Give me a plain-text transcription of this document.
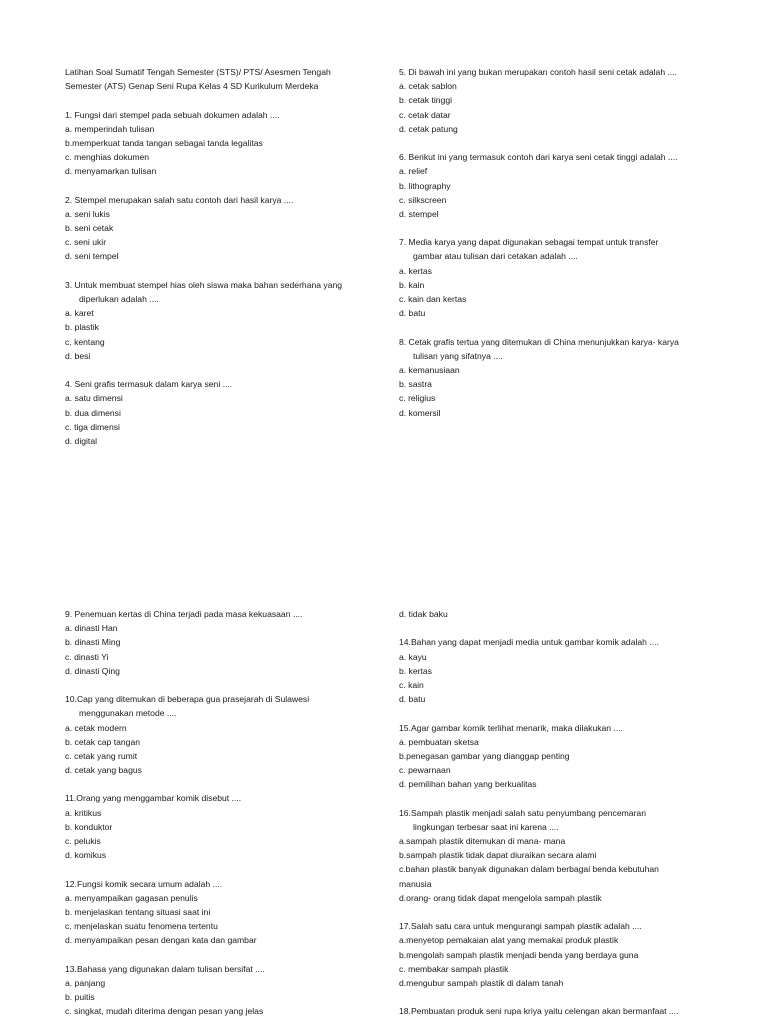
Latihan Soal Sumatif Tengah Semester (STS)/ PTS/ Asesmen Tengah
Semester (ATS) Genap Seni Rupa Kelas 4 SD Kurikulum Merdeka
1. Fungsi dari stempel pada sebuah dokumen adalah ....
a. memperindah tulisan
b.memperkuat tanda tangan sebagai tanda legalitas
c. menghias dokumen
d. menyamarkan tulisan
2. Stempel merupakan salah satu contoh dari hasil karya ....
a. seni lukis
b. seni cetak
c. seni ukir
d. seni tempel
3. Untuk membuat stempel hias oleh siswa maka bahan sederhana yang
diperlukan adalah ....
a. karet
b. plastik
c. kentang
d. besi
4. Seni grafis termasuk dalam karya seni ....
a. satu dimensi
b. dua dimensi
c. tiga dimensi
d. digital
5. Di bawah ini yang bukan merupakan contoh hasil seni cetak adalah ....
a. cetak sablon
b. cetak tinggi
c. cetak datar
d. cetak patung
6. Berikut ini yang termasuk contoh dari karya seni cetak tinggi adalah ....
a. relief
b. lithography
c. silkscreen
d. stempel
7. Media karya yang dapat digunakan sebagai tempat untuk transfer
gambar atau tulisan dari cetakan adalah ....
a. kertas
b. kain
c. kain dan kertas
d. batu
8. Cetak grafis tertua yang ditemukan di China menunjukkan karya- karya
tulisan yang sifatnya ....
a. kemanusiaan
b. sastra
c. religius
d. komersil
9. Penemuan kertas di China terjadi pada masa kekuasaan ....
a. dinasti Han
b. dinasti Ming
c. dinasti Yi
d. dinasti Qing
10.Cap yang ditemukan di beberapa gua prasejarah di Sulawesi
menggunakan metode ....
a. cetak modern
b. cetak cap tangan
c. cetak yang rumit
d. cetak yang bagus
11.Orang yang menggambar komik disebut ....
a. kritikus
b. konduktor
c. pelukis
d. komikus
12.Fungsi komik secara umum adalah ....
a. menyampaikan gagasan penulis
b. menjelaskan tentang situasi saat ini
c. menjelaskan suatu fenomena tertentu
d. menyampaikan pesan dengan kata dan gambar
13.Bahasa yang digunakan dalam tulisan bersifat ....
a. panjang
b. puitis
c. singkat, mudah diterima dengan pesan yang jelas
d. tidak baku
14.Bahan yang dapat menjadi media untuk gambar komik adalah ....
a. kayu
b. kertas
c. kain
d. batu
15.Agar gambar komik terlihat menarik, maka dilakukan ....
a. pembuatan sketsa
b.penegasan gambar yang dianggap penting
c. pewarnaan
d. pemilihan bahan yang berkualitas
16.Sampah plastik menjadi salah satu penyumbang pencemaran
lingkungan terbesar saat ini karena ....
a.sampah plastik ditemukan di mana- mana
b.sampah plastik tidak dapat diuraikan secara alami
c.bahan plastik banyak digunakan dalam berbagai benda kebutuhan
manusia
d.orang- orang tidak dapat mengelola sampah plastik
17.Salah satu cara untuk mengurangi sampah plastik adalah ....
a.menyetop pemakaian alat yang memakai produk plastik
b.mengolah sampah plastik menjadi benda yang berdaya guna
c. membakar sampah plastik
d.mengubur sampah plastik di dalam tanah
18.Pembuatan produk seni rupa kriya yaitu celengan akan bermanfaat ....
